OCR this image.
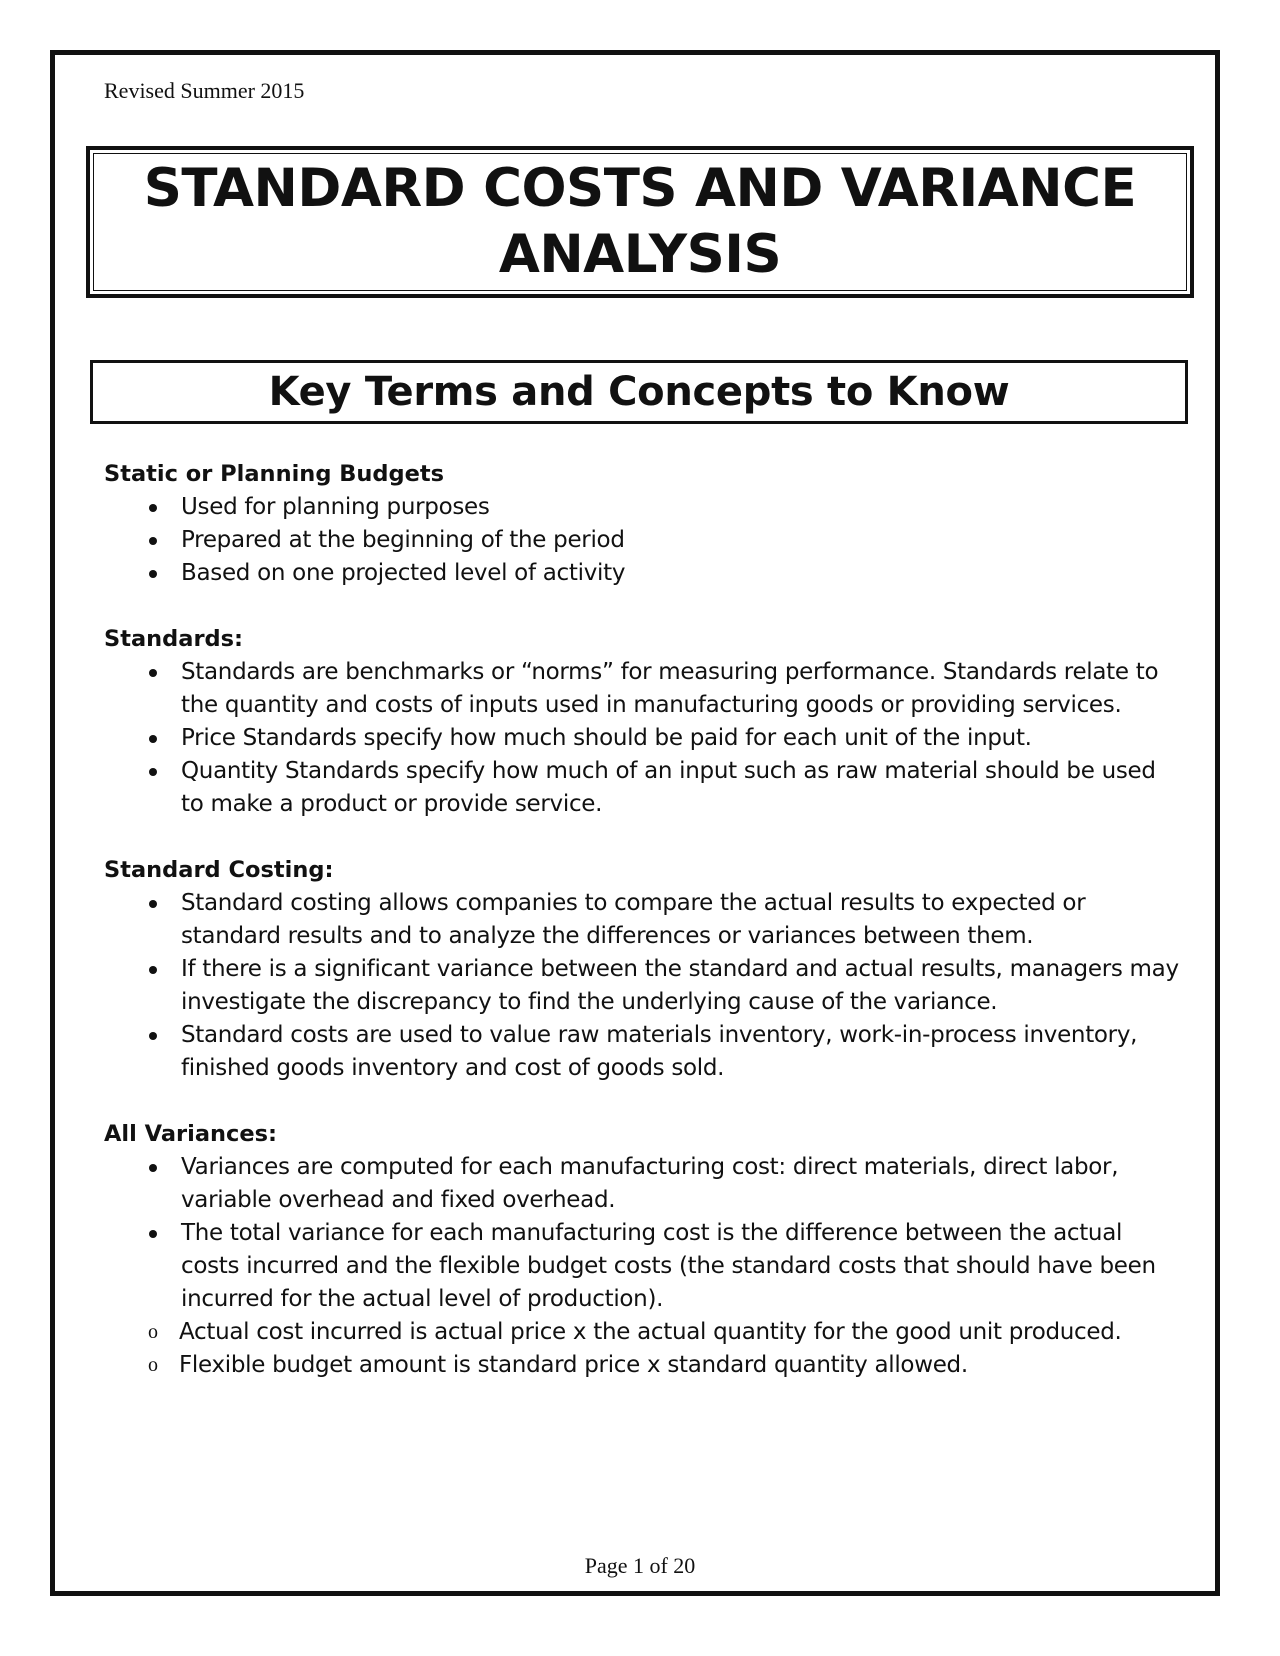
Revised Summer 2015
STANDARD COSTS AND VARIANCE
ANALYSIS
Key Terms and Concepts to Know

Static or Planning Budgets

Used for planning purposes
Prepared at the beginning of the period
Based on one projected level of activity

Standards:

Standards are benchmarks or “norms” for measuring performance. Standards relate to the quantity and costs of inputs used in manufacturing goods or providing services.
Price Standards specify how much should be paid for each unit of the input.
Quantity Standards specify how much of an input such as raw material should be used to make a product or provide service.

Standard Costing:

Standard costing allows companies to compare the actual results to expected or standard results and to analyze the differences or variances between them.
If there is a significant variance between the standard and actual results, managers may investigate the discrepancy to find the underlying cause of the variance.
Standard costs are used to value raw materials inventory, work-in-process inventory, finished goods inventory and cost of goods sold.

All Variances:

Variances are computed for each manufacturing cost: direct materials, direct labor, variable overhead and fixed overhead.
The total variance for each manufacturing cost is the difference between the actual costs incurred and the flexible budget costs (the standard costs that should have been incurred for the actual level of production).
o Actual cost incurred is actual price x the actual quantity for the good unit produced.
o Flexible budget amount is standard price x standard quantity allowed.
Page 1 of 20
